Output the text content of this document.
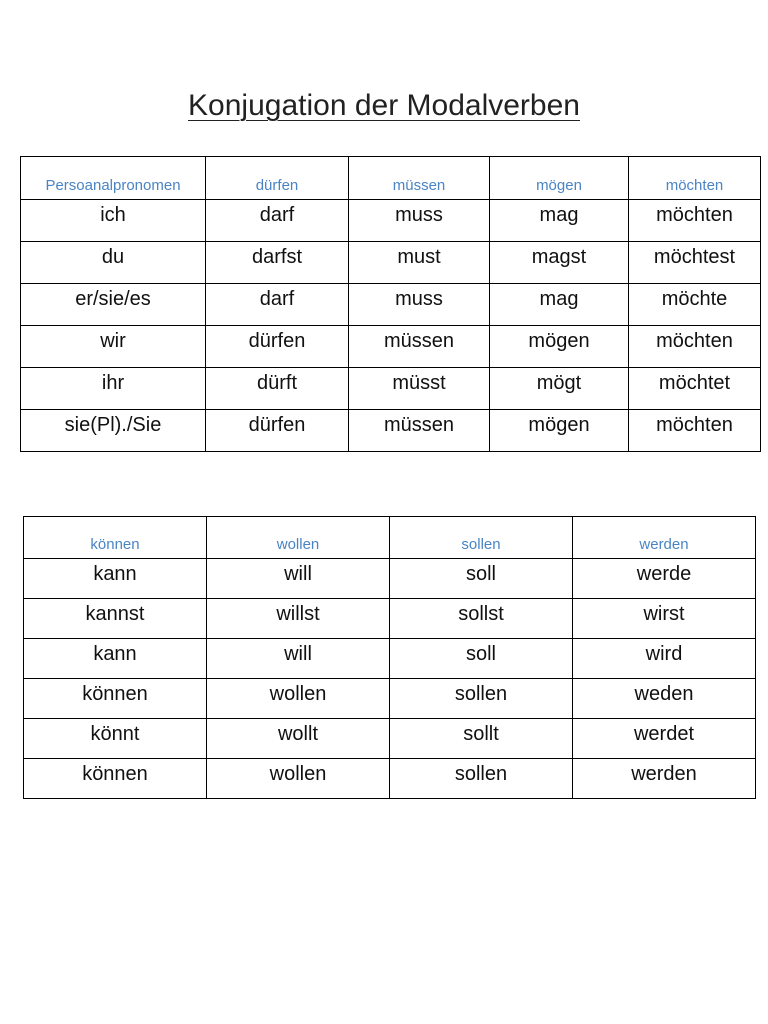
Konjugation der Modalverben
Persoanalpronomen	dürfen	müssen	mögen	möchten
ich	darf	muss	mag	möchten
du	darfst	must	magst	möchtest
er/sie/es	darf	muss	mag	möchte
wir	dürfen	müssen	mögen	möchten
ihr	dürft	müsst	mögt	möchtet
sie(Pl)./Sie	dürfen	müssen	mögen	möchten
können	wollen	sollen	werden
kann	will	soll	werde
kannst	willst	sollst	wirst
kann	will	soll	wird
können	wollen	sollen	weden
könnt	wollt	sollt	werdet
können	wollen	sollen	werden
